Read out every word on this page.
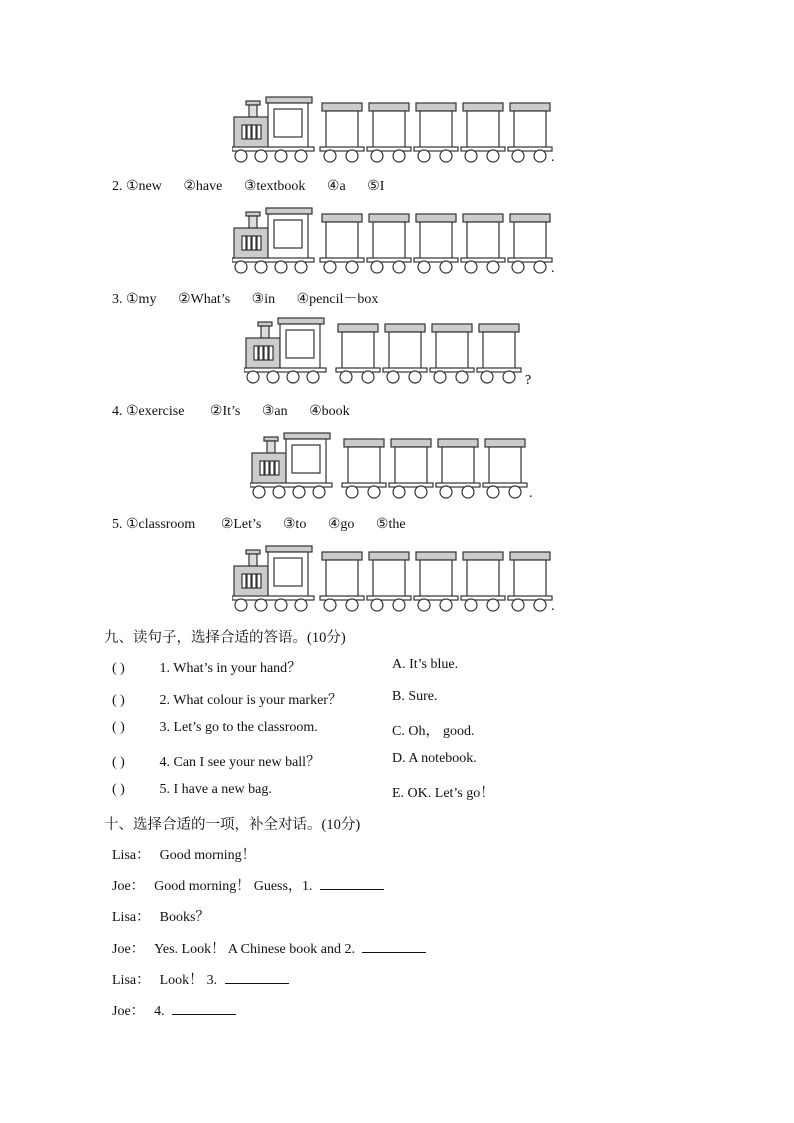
.
2. ①new ②have ③textbook ④a ⑤I
.
3. ①my ②What’s ③in ④pencil－box
?
4. ①exercise ②It’s ③an ④book
.
5. ①classroom ②Let’s ③to ④go ⑤the
.
九、读句子，选择合适的答语。(10分)
( ) 1. What’s in your hand？	A. It’s blue.
( ) 2. What colour is your marker？	B. Sure.
( ) 3. Let’s go to the classroom.	C. Oh， good.
( ) 4. Can I see your new ball？	D. A notebook.
( ) 5. I have a new bag.	E. OK. Let’s go！
十、选择合适的一项，补全对话。(10分)
Lisa： Good morning！
Joe： Good morning！ Guess，1.
Lisa： Books？
Joe： Yes. Look！ A Chinese book and 2.
Lisa： Look！ 3.
Joe： 4.
